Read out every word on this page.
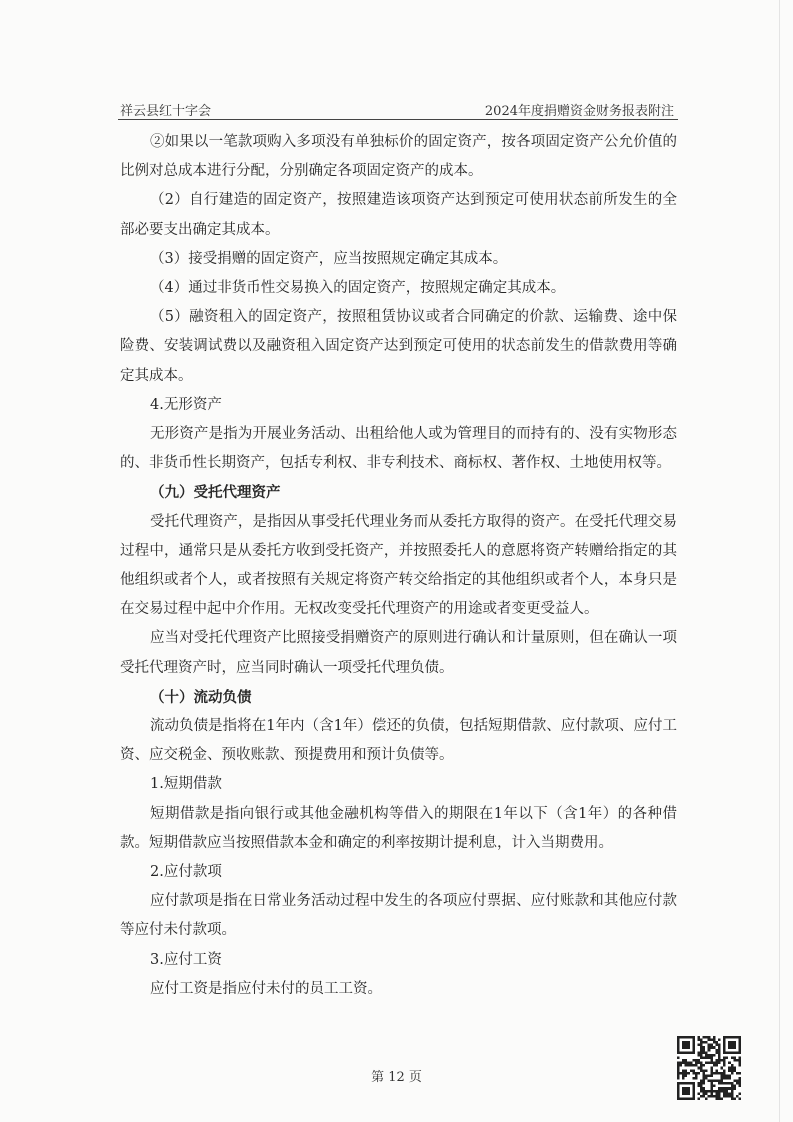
祥云县红十字会	2024年度捐赠资金财务报表附注

②如果以一笔款项购入多项没有单独标价的固定资产，按各项固定资产公允价值的比例对总成本进行分配，分别确定各项固定资产的成本。

（2）自行建造的固定资产，按照建造该项资产达到预定可使用状态前所发生的全部必要支出确定其成本。

（3）接受捐赠的固定资产，应当按照规定确定其成本。

（4）通过非货币性交易换入的固定资产，按照规定确定其成本。

（5）融资租入的固定资产，按照租赁协议或者合同确定的价款、运输费、途中保险费、安装调试费以及融资租入固定资产达到预定可使用的状态前发生的借款费用等确定其成本。

4.无形资产

无形资产是指为开展业务活动、出租给他人或为管理目的而持有的、没有实物形态的、非货币性长期资产，包括专利权、非专利技术、商标权、著作权、土地使用权等。

（九）受托代理资产

受托代理资产，是指因从事受托代理业务而从委托方取得的资产。在受托代理交易过程中，通常只是从委托方收到受托资产，并按照委托人的意愿将资产转赠给指定的其他组织或者个人，或者按照有关规定将资产转交给指定的其他组织或者个人，本身只是在交易过程中起中介作用。无权改变受托代理资产的用途或者变更受益人。

应当对受托代理资产比照接受捐赠资产的原则进行确认和计量原则，但在确认一项受托代理资产时，应当同时确认一项受托代理负债。

（十）流动负债

流动负债是指将在1年内（含1年）偿还的负债，包括短期借款、应付款项、应付工资、应交税金、预收账款、预提费用和预计负债等。

1.短期借款

短期借款是指向银行或其他金融机构等借入的期限在1年以下（含1年）的各种借款。短期借款应当按照借款本金和确定的利率按期计提利息，计入当期费用。

2.应付款项

应付款项是指在日常业务活动过程中发生的各项应付票据、应付账款和其他应付款等应付未付款项。

3.应付工资

应付工资是指应付未付的员工工资。

第 12 页
